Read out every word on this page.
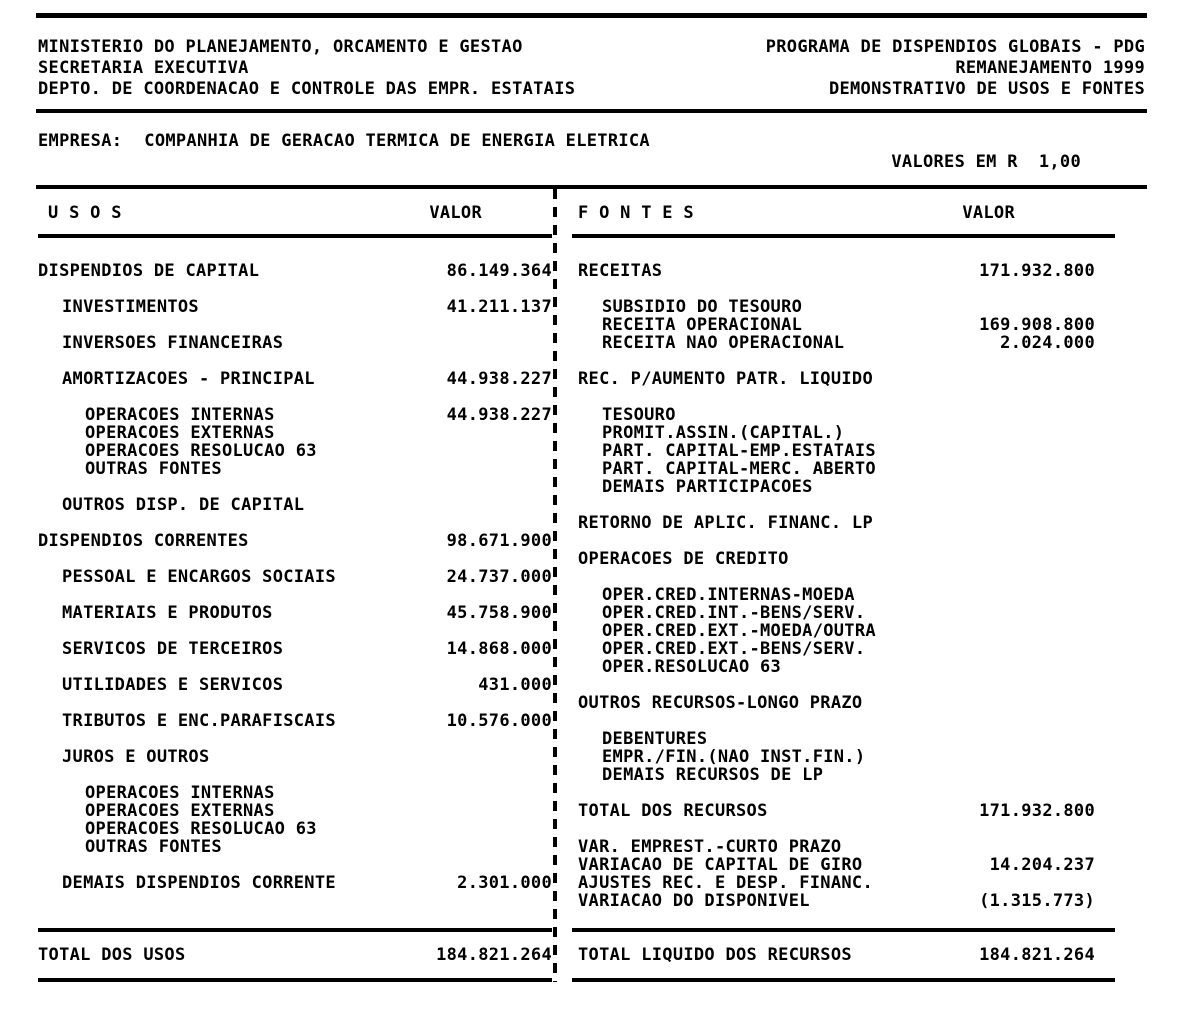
MINISTERIO DO PLANEJAMENTO, ORCAMENTO E GESTAO
SECRETARIA EXECUTIVA
DEPTO. DE COORDENACAO E CONTROLE DAS EMPR. ESTATAIS
PROGRAMA DE DISPENDIOS GLOBAIS - PDG
REMANEJAMENTO 1999
DEMONSTRATIVO DE USOS E FONTES
EMPRESA: COMPANHIA DE GERACAO TERMICA DE ENERGIA ELETRICA
VALORES EM R  1,00
U S O S	VALOR
DISPENDIOS DE CAPITAL	86.149.364
INVESTIMENTOS	41.211.137
INVERSOES FINANCEIRAS
AMORTIZACOES - PRINCIPAL	44.938.227
OPERACOES INTERNAS	44.938.227
OPERACOES EXTERNAS
OPERACOES RESOLUCAO 63
OUTRAS FONTES
OUTROS DISP. DE CAPITAL
DISPENDIOS CORRENTES	98.671.900
PESSOAL E ENCARGOS SOCIAIS	24.737.000
MATERIAIS E PRODUTOS	45.758.900
SERVICOS DE TERCEIROS	14.868.000
UTILIDADES E SERVICOS	431.000
TRIBUTOS E ENC.PARAFISCAIS	10.576.000
JUROS E OUTROS
OPERACOES INTERNAS
OPERACOES EXTERNAS
OPERACOES RESOLUCAO 63
OUTRAS FONTES
DEMAIS DISPENDIOS CORRENTE	2.301.000
TOTAL DOS USOS	184.821.264
F O N T E S	VALOR
RECEITAS	171.932.800
SUBSIDIO DO TESOURO
RECEITA OPERACIONAL	169.908.800
RECEITA NAO OPERACIONAL	2.024.000
REC. P/AUMENTO PATR. LIQUIDO
TESOURO
PROMIT.ASSIN.(CAPITAL.)
PART. CAPITAL-EMP.ESTATAIS
PART. CAPITAL-MERC. ABERTO
DEMAIS PARTICIPACOES
RETORNO DE APLIC. FINANC. LP
OPERACOES DE CREDITO
OPER.CRED.INTERNAS-MOEDA
OPER.CRED.INT.-BENS/SERV.
OPER.CRED.EXT.-MOEDA/OUTRA
OPER.CRED.EXT.-BENS/SERV.
OPER.RESOLUCAO 63
OUTROS RECURSOS-LONGO PRAZO
DEBENTURES
EMPR./FIN.(NAO INST.FIN.)
DEMAIS RECURSOS DE LP
TOTAL DOS RECURSOS	171.932.800
VAR. EMPREST.-CURTO PRAZO
VARIACAO DE CAPITAL DE GIRO	14.204.237
AJUSTES REC. E DESP. FINANC.
VARIACAO DO DISPONIVEL	(1.315.773)
TOTAL LIQUIDO DOS RECURSOS	184.821.264
